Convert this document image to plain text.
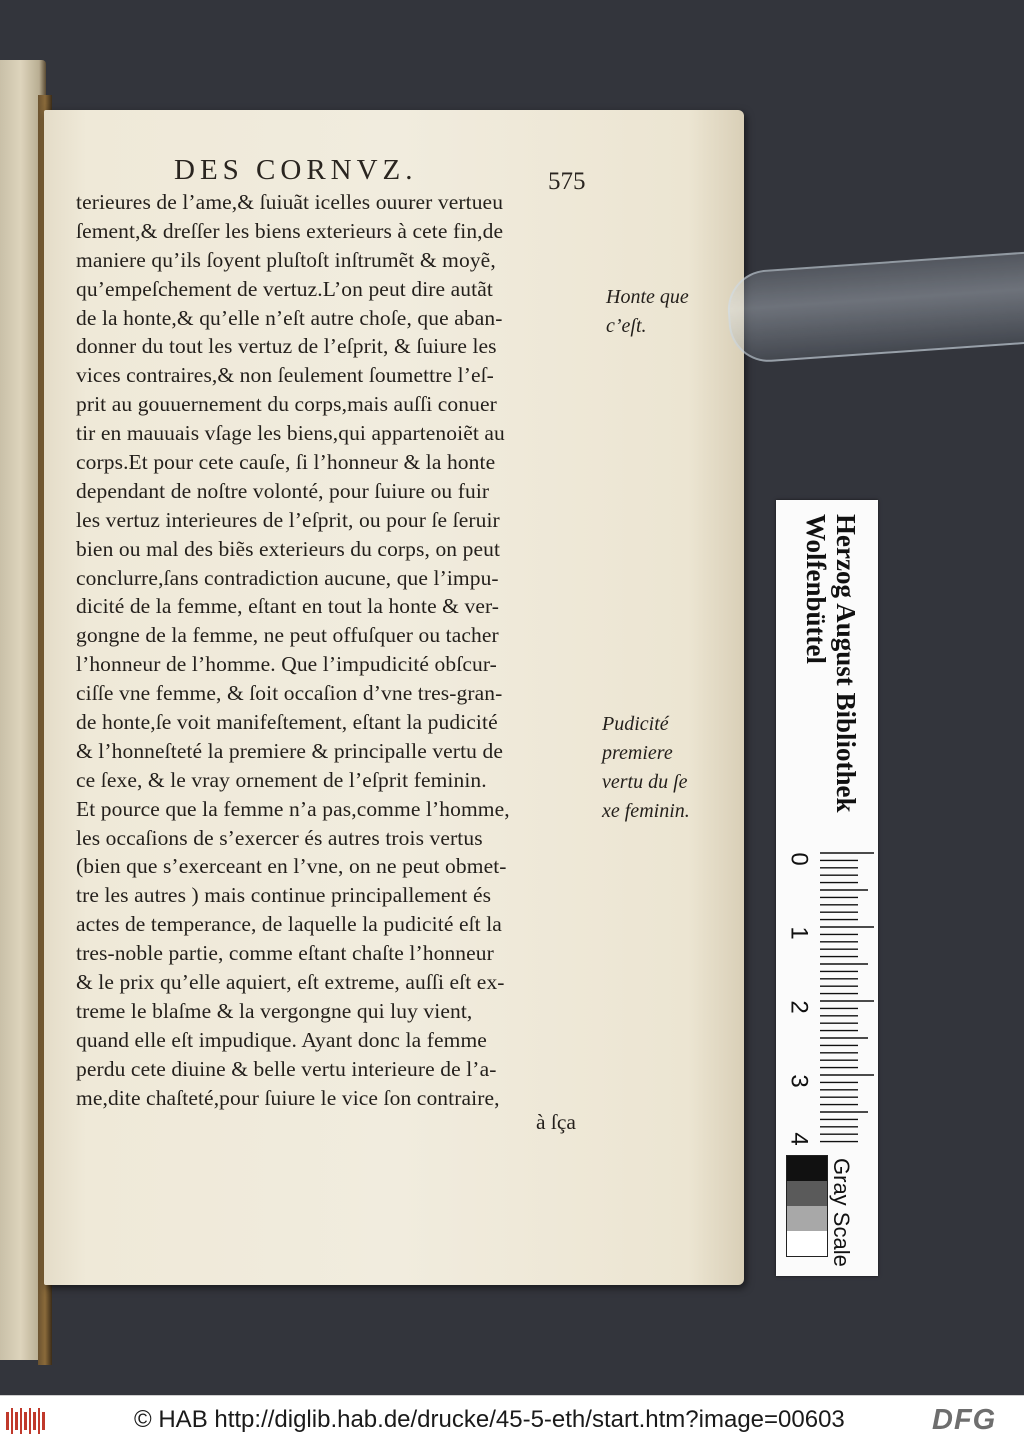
DES CORNVZ.	575
terieures de l’ame,& ſuiuãt icelles ouurer vertueu
ſement,& dreſſer les biens exterieurs à cete fin,de
maniere qu’ils ſoyent pluſtoſt inſtrumẽt & moyẽ,
qu’empeſchement de vertuz.L’on peut dire autãt
de la honte,& qu’elle n’eſt autre choſe, que aban-
donner du tout les vertuz de l’eſprit, & ſuiure les
vices contraires,& non ſeulement ſoumettre l’eſ-
prit au gouuernement du corps,mais auſſi conuer
tir en mauuais vſage les biens,qui appartenoiẽt au
corps.Et pour cete cauſe, ſi l’honneur & la honte
dependant de noſtre volonté, pour ſuiure ou fuir
les vertuz interieures de l’eſprit, ou pour ſe ſeruir
bien ou mal des biẽs exterieurs du corps, on peut
conclurre,ſans contradiction aucune, que l’impu-
dicité de la femme, eſtant en tout la honte & ver-
gongne de la femme, ne peut offuſquer ou tacher
l’honneur de l’homme. Que l’impudicité obſcur-
ciſſe vne femme, & ſoit occaſion d’vne tres-gran-
de honte,ſe voit manifeſtement, eſtant la pudicité
& l’honneſteté la premiere & principalle vertu de
ce ſexe, & le vray ornement de l’eſprit feminin.
Et pource que la femme n’a pas,comme l’homme,
les occaſions de s’exercer és autres trois vertus
(bien que s’exerceant en l’vne, on ne peut obmet-
tre les autres ) mais continue principallement és
actes de temperance, de laquelle la pudicité eſt la
tres-noble partie, comme eſtant chaſte l’honneur
& le prix qu’elle aquiert, eſt extreme, auſſi eſt ex-
treme le blaſme & la vergongne qui luy vient,
quand elle eſt impudique. Ayant donc la femme
perdu cete diuine & belle vertu interieure de l’a-
me,dite chaſteté,pour ſuiure le vice ſon contraire,
à ſça
Honte que
c’eſt.
Pudicité
premiere
vertu du ſe
xe feminin.	Herzog August Bibliothek
Wolfenbüttel
0
1
2
3
4
Gray Scale
© HAB http://diglib.hab.de/drucke/45-5-eth/start.htm?image=00603	DFG
